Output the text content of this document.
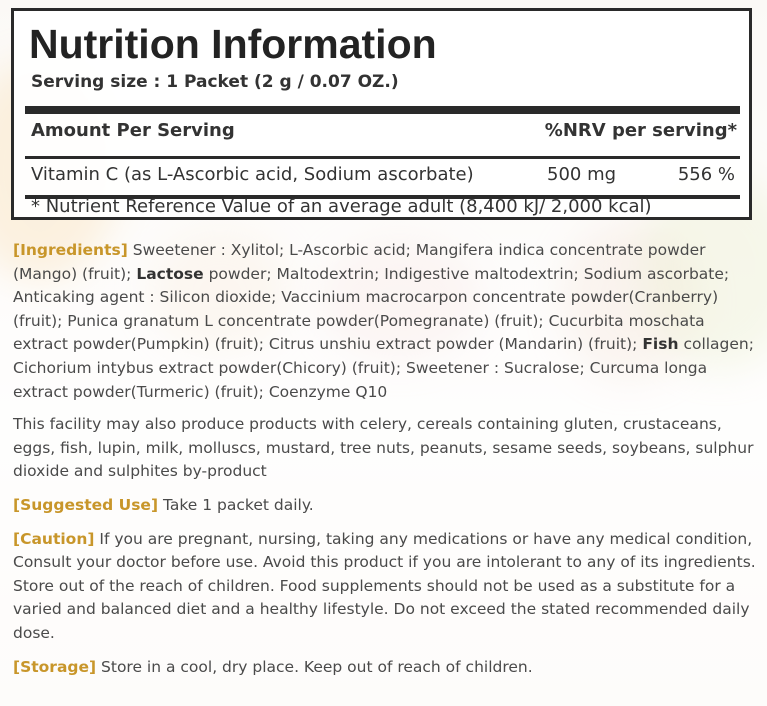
Nutrition Information
Serving size : 1 Packet (2 g / 0.07 OZ.)
Amount Per Serving	%NRV per serving*
Vitamin C (as L-Ascorbic acid, Sodium ascorbate)	500 mg	556 %
* Nutrient Reference Value of an average adult (8,400 kJ/ 2,000 kcal)

[Ingredients] Sweetener : Xylitol; L-Ascorbic acid; Mangifera indica concentrate powder (Mango) (fruit); Lactose powder; Maltodextrin; Indigestive maltodextrin; Sodium ascorbate; Anticaking agent : Silicon dioxide; Vaccinium macrocarpon concentrate powder(Cranberry) (fruit); Punica granatum L concentrate powder(Pomegranate) (fruit); Cucurbita moschata extract powder(Pumpkin) (fruit); Citrus unshiu extract powder (Mandarin) (fruit); Fish collagen; Cichorium intybus extract powder(Chicory) (fruit); Sweetener : Sucralose; Curcuma longa extract powder(Turmeric) (fruit); Coenzyme Q10

This facility may also produce products with celery, cereals containing gluten, crustaceans, eggs, fish, lupin, milk, molluscs, mustard, tree nuts, peanuts, sesame seeds, soybeans, sulphur dioxide and sulphites by-product

[Suggested Use] Take 1 packet daily.

[Caution] If you are pregnant, nursing, taking any medications or have any medical condition, Consult your doctor before use. Avoid this product if you are intolerant to any of its ingredients. Store out of the reach of children. Food supplements should not be used as a substitute for a varied and balanced diet and a healthy lifestyle. Do not exceed the stated recommended daily dose.

[Storage] Store in a cool, dry place. Keep out of reach of children.
